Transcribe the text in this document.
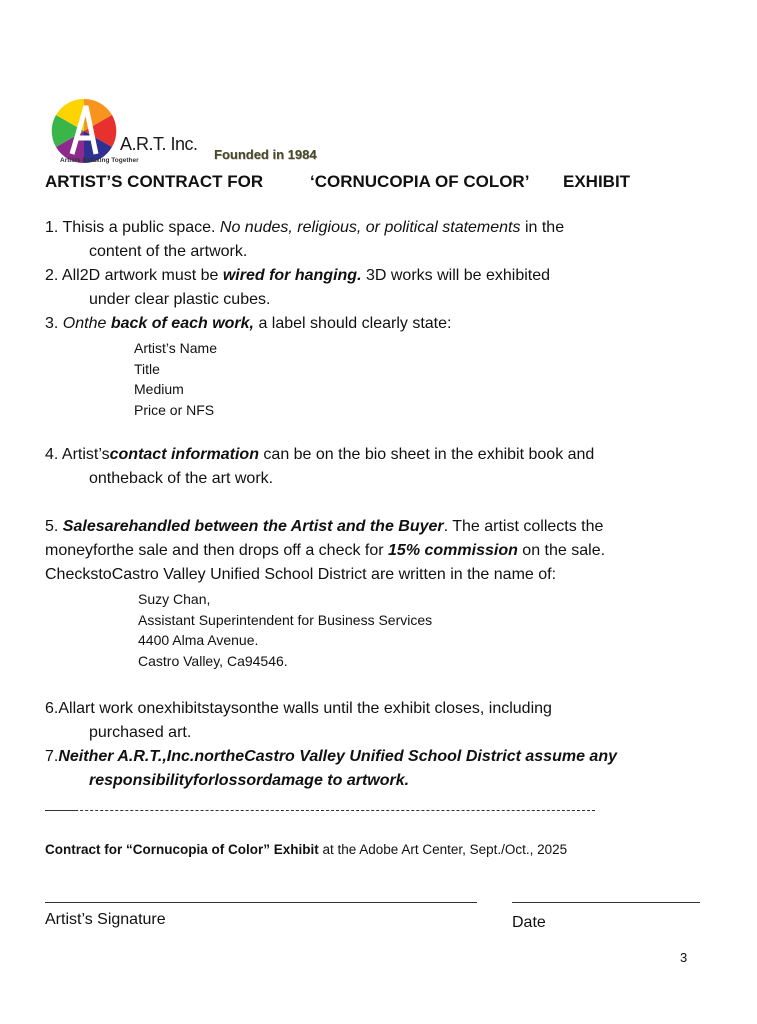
A.R.T. Inc.
Artists Relaxing Together	Founded in 1984
ARTIST’S CONTRACT FOR	‘CORNUCOPIA OF COLOR’ EXHIBIT
1. Thisis a public space. No nudes, religious, or political statements in the
content of the artwork.
2. All2D artwork must be wired for hanging. 3D works will be exhibited
under clear plastic cubes.
3. Onthe back of each work, a label should clearly state:
Artist’s Name
Title
Medium
Price or NFS
4. Artist’scontact information can be on the bio sheet in the exhibit book and
ontheback of the art work.
5. Salesarehandled between the Artist and the Buyer. The artist collects the
moneyforthe sale and then drops off a check for 15% commission on the sale.
CheckstoCastro Valley Unified School District are written in the name of:
Suzy Chan,
Assistant Superintendent for Business Services
4400 Alma Avenue.
Castro Valley, Ca94546.
6.Allart work onexhibitstaysonthe walls until the exhibit closes, including
purchased art.
7.Neither A.R.T.,Inc.northeCastro Valley Unified School District assume any
responsibilityforlossordamage to artwork.
Contract for “Cornucopia of Color” Exhibit at the Adobe Art Center, Sept./Oct., 2025
Artist’s Signature	Date
3
